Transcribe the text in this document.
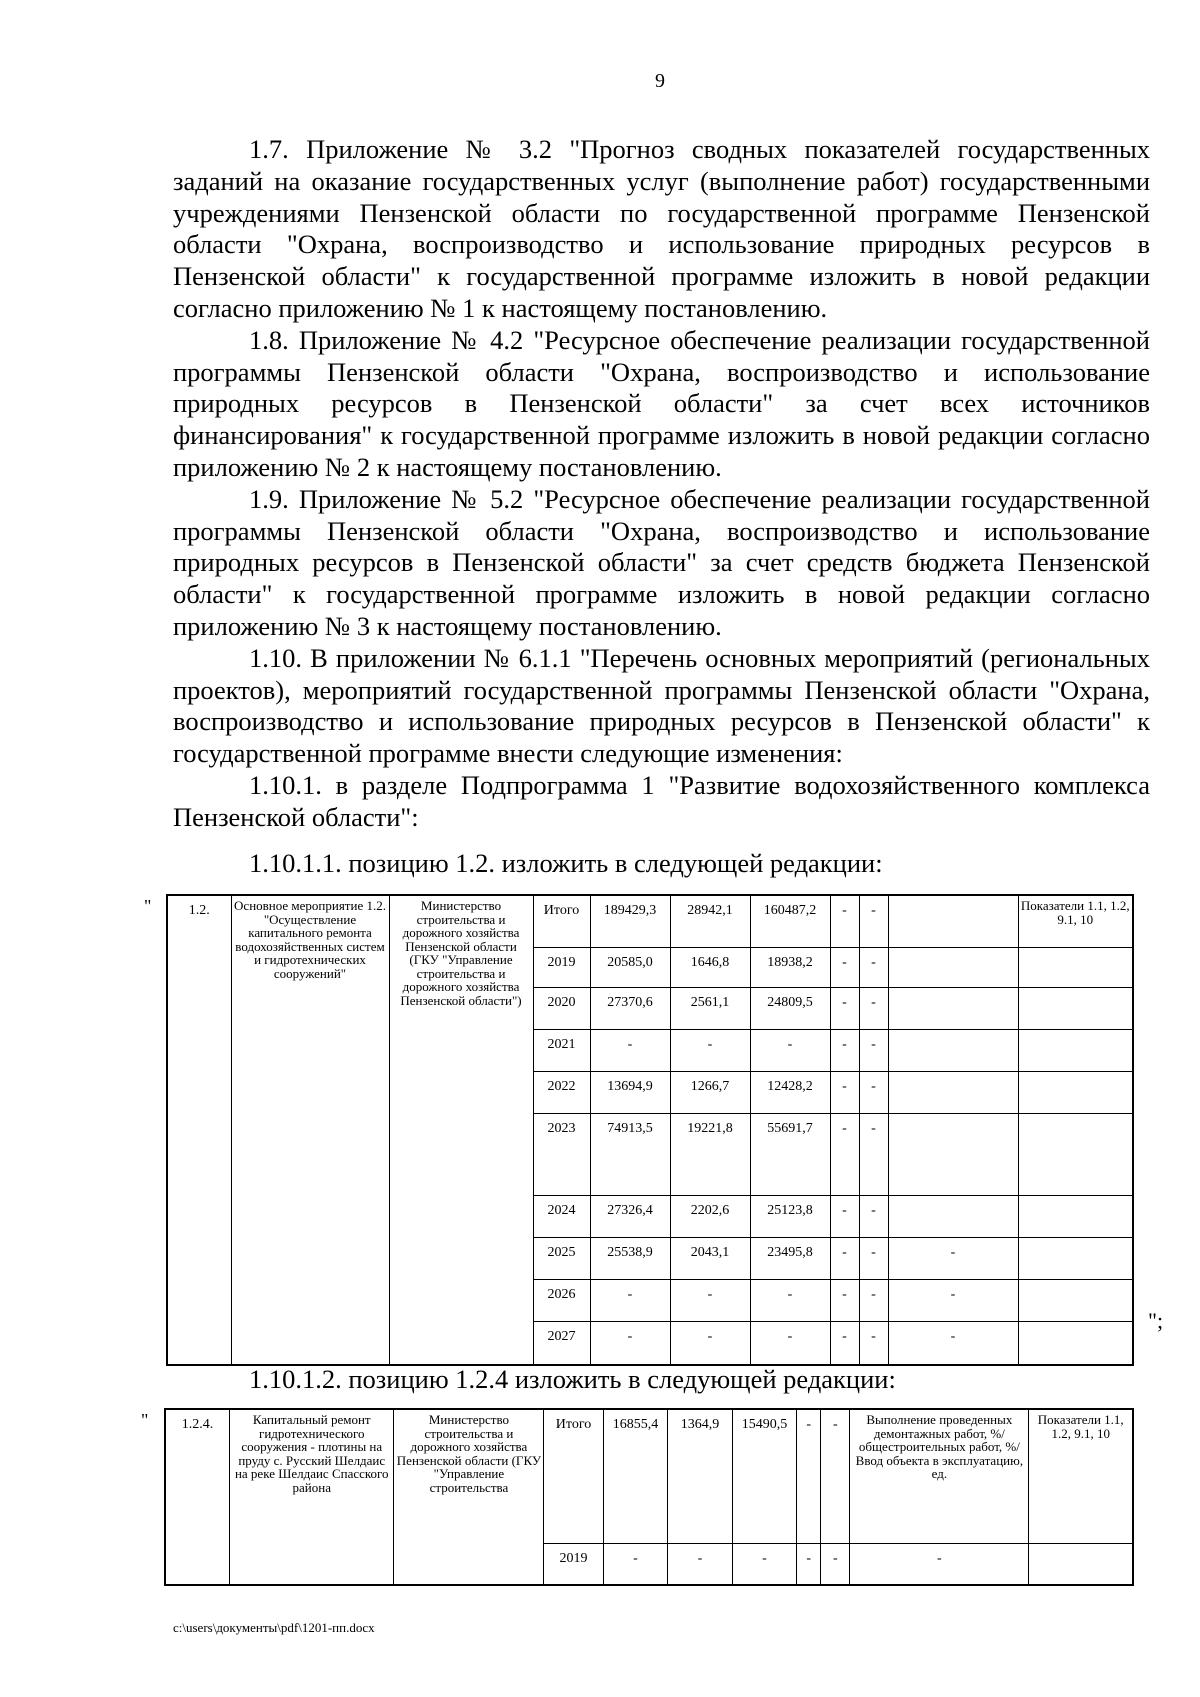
9

1.7. Приложение № 3.2 "Прогноз сводных показателей государственных заданий на оказание государственных услуг (выполнение работ) государственными учреждениями Пензенской области по государственной программе Пензенской области "Охрана, воспроизводство и использование природных ресурсов в Пензенской области" к государственной программе изложить в новой редакции согласно приложению № 1 к настоящему постановлению.

1.8. Приложение № 4.2 "Ресурсное обеспечение реализации государственной программы Пензенской области "Охрана, воспроизводство и использование природных ресурсов в Пензенской области" за счет всех источников финансирования" к государственной программе изложить в новой редакции согласно приложению № 2 к настоящему постановлению.

1.9. Приложение № 5.2 "Ресурсное обеспечение реализации государственной программы Пензенской области "Охрана, воспроизводство и использование природных ресурсов в Пензенской области" за счет средств бюджета Пензенской области" к государственной программе изложить в новой редакции согласно приложению № 3 к настоящему постановлению.

1.10. В приложении № 6.1.1 "Перечень основных мероприятий (региональных проектов), мероприятий государственной программы Пензенской области "Охрана, воспроизводство и использование природных ресурсов в Пензенской области" к государственной программе внести следующие изменения:

1.10.1. в разделе Подпрограмма 1 "Развитие водохозяйственного комплекса Пензенской области":

1.10.1.1. позицию 1.2. изложить в следующей редакции:
"	1.2.	Основное мероприятие 1.2. "Осуществление капитального ремонта водохозяйственных систем и гидротехнических сооружений"	Министерство строительства и дорожного хозяйства Пензенской области (ГКУ "Управление строительства и дорожного хозяйства Пензенской области")	Итого	189429,3	28942,1	160487,2	-	-		Показатели 1.1, 1.2, 9.1, 10
			2019	20585,0	1646,8	18938,2	-	-		
			2020	27370,6	2561,1	24809,5	-	-		
			2021	-	-	-	-	-		
			2022	13694,9	1266,7	12428,2	-	-		
			2023	74913,5	19221,8	55691,7	-	-		
			2024	27326,4	2202,6	25123,8	-	-		
			2025	25538,9	2043,1	23495,8	-	-	-	
			2026	-	-	-	-	-	-	
			2027	-	-	-	-	-	-	
";
1.10.1.2. позицию 1.2.4 изложить в следующей редакции:
" 1.2.4.	Капитальный ремонт гидротехнического сооружения - плотины на пруду с. Русский Шелдаис на реке Шелдаис Спасского района	Министерство строительства и дорожного хозяйства Пензенской области (ГКУ "Управление строительства	Итого	16855,4	1364,9	15490,5	-	-	Выполнение проведенных демонтажных работ, %/общестроительных работ, %/Ввод объекта в эксплуатацию, ед.	Показатели 1.1, 1.2, 9.1, 10
			2019	-	-	-	-	-	-	
c:\users\документы\pdf\1201-пп.docx
